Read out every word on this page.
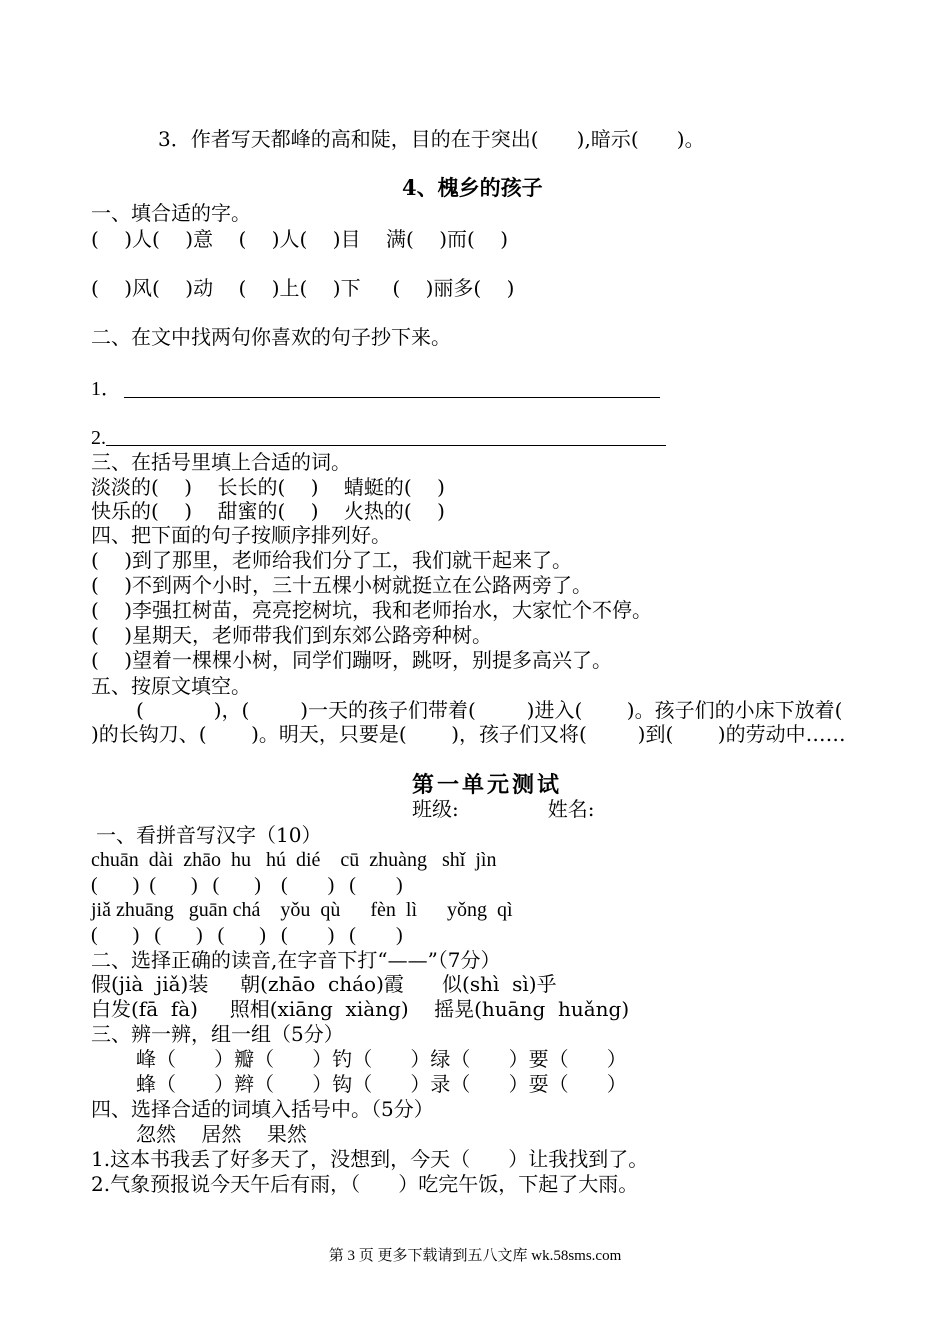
3．作者写天都峰的高和陡，目的在于突出(      ),暗示(      )。
4、槐乡的孩子
一、填合适的字。
(    )人(    )意    (    )人(    )目    满(    )而(    )
(    )风(    )动    (    )上(    )下     (    )丽多(    )
二、在文中找两句你喜欢的句子抄下来。
1．
2.
三、在括号里填上合适的词。
淡淡的(    )    长长的(    )    蜻蜓的(    )
快乐的(    )    甜蜜的(    )    火热的(    )
四、把下面的句子按顺序排列好。
(    )到了那里，老师给我们分了工，我们就干起来了。
(    )不到两个小时，三十五棵小树就挺立在公路两旁了。
(    )李强扛树苗，亮亮挖树坑，我和老师抬水，大家忙个不停。
(    )星期天，老师带我们到东郊公路旁种树。
(    )望着一棵棵小树，同学们蹦呀，跳呀，别提多高兴了。
五、按原文填空。
(           )，(        )一天的孩子们带着(        )进入(       )。孩子们的小床下放着(
)的长钩刀、(       )。明天，只要是(       )，孩子们又将(        )到(       )的劳动中……
第一单元测试
班级:              姓名:
一、看拼音写汉字（10）
chuān  dài  zhāo  hu   hú  dié    cū  zhuàng   shǐ  jìn
(       )  (       )   (       )    (        )   (        )
jiǎ zhuāng   guān chá    yǒu  qù      fèn  lì      yǒng  qì
(       )   (       )   (       )   (        )   (        )
二、选择正确的读音,在字音下打“——”（7分）
假(jià  jiǎ)装     朝(zhāo  cháo)霞      似(shì  sì)乎
白发(fā  fà)     照相(xiāng  xiàng)    摇晃(huāng  huǎng)
三、辨一辨，组一组（5分）
峰（      ）瓣（      ）钓（      ）绿（      ）要（      ）
蜂（      ）辫（      ）钩（      ）录（      ）耍（      ）
四、选择合适的词填入括号中。（5分）
忽然    居然    果然
1.这本书我丢了好多天了，没想到，今天（      ）让我找到了。
2.气象预报说今天午后有雨，（      ）吃完午饭，下起了大雨。
第 3 页 更多下载请到五八文库 wk.58sms.com
